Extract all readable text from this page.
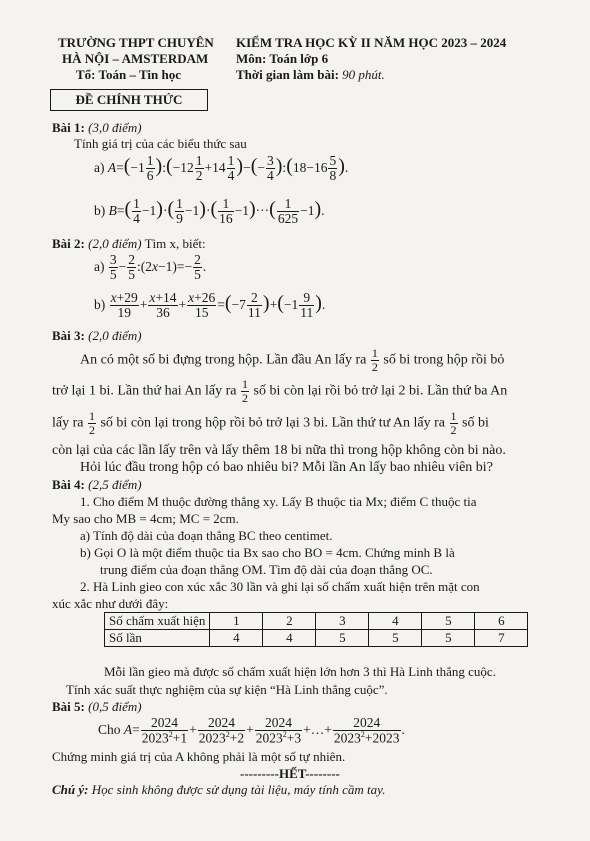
TRƯỜNG THPT CHUYÊN
HÀ NỘI – AMSTERDAM
Tổ: Toán – Tin học
KIỂM TRA HỌC KỲ II NĂM HỌC 2023 – 2024
Môn: Toán lớp 6
Thời gian làm bài: 90 phút.
ĐỀ CHÍNH THỨC
Bài 1: (3,0 điểm)
Tính giá trị của các biểu thức sau
a) $A=(-1 \frac{1}{6}$ ):(−12 $\frac{1}{2} +14 \frac{1}{4}$ )−(− $\frac{3}{4}$ ):(18−16 $\frac{5}{8}$ ).
b) $B=( \frac{1}{4} -1)\cdot( \frac{1}{9} -1)\cdot( \frac{1}{16} -1)\cdot\cdot\cdot( \frac{1}{625} -1)$.
Bài 2: (2,0 điểm) Tìm x, biết:
$a) \frac{3}{5} - \frac{2}{5}$ :(2x−1)=− $\frac{2}{5}$ .
$b) \frac{x+29}{19} + \frac{x+14}{36} + \frac{x+26}{15} =(-7 \frac{2}{11} )+(-1 \frac{9}{11}$ ).
Bài 3: (2,0 điểm)
An có một số bi đựng trong hộp. Lần đầu An lấy ra $\frac{1}{2}$ số bi trong hộp rồi bỏ
trở lại 1 bi. Lần thứ hai An lấy ra $\frac{1}{2}$ số bi còn lại rồi bỏ trở lại 2 bi. Lần thứ ba An
lấy ra $\frac{1}{2}$ số bi còn lại trong hộp rồi bỏ trở lại 3 bi. Lần thứ tư An lấy ra $\frac{1}{2}$ số bi
còn lại của các lần lấy trên và lấy thêm 18 bi nữa thì trong hộp không còn bi nào.
Hỏi lúc đầu trong hộp có bao nhiêu bi? Mỗi lần An lấy bao nhiêu viên bi?
Bài 4: (2,5 điểm)
1. Cho điểm M thuộc đường thẳng xy. Lấy B thuộc tia Mx; điểm C thuộc tia
My sao cho MB = 4cm; MC = 2cm.
a) Tính độ dài của đoạn thẳng BC theo centimet.
b) Gọi O là một điểm thuộc tia Bx sao cho BO = 4cm. Chứng minh B là
trung điểm của đoạn thẳng OM. Tìm độ dài của đoạn thẳng OC.
2. Hà Linh gieo con xúc xắc 30 lần và ghi lại số chấm xuất hiện trên mặt con
xúc xắc như dưới đây:
Số chấm xuất hiện	1	2	3	4	5	6
Số lần	4	4	5	5	5	7
Mỗi lần gieo mà được số chấm xuất hiện lớn hơn 3 thì Hà Linh thắng cuộc.
Tính xác suất thực nghiệm của sự kiện “Hà Linh thắng cuộc”.
Bài 5: (0,5 điểm)
Cho $A= \frac{2024}{2023^2+1} + \frac{2024}{2023^2+2} + \frac{2024}{2023^2+3}$ +…+ $\frac{2024}{2023^2+2023}$ .
Chứng minh giá trị của A không phải là một số tự nhiên.
---------HẾT--------
Chú ý: Học sinh không được sử dụng tài liệu, máy tính cầm tay.
